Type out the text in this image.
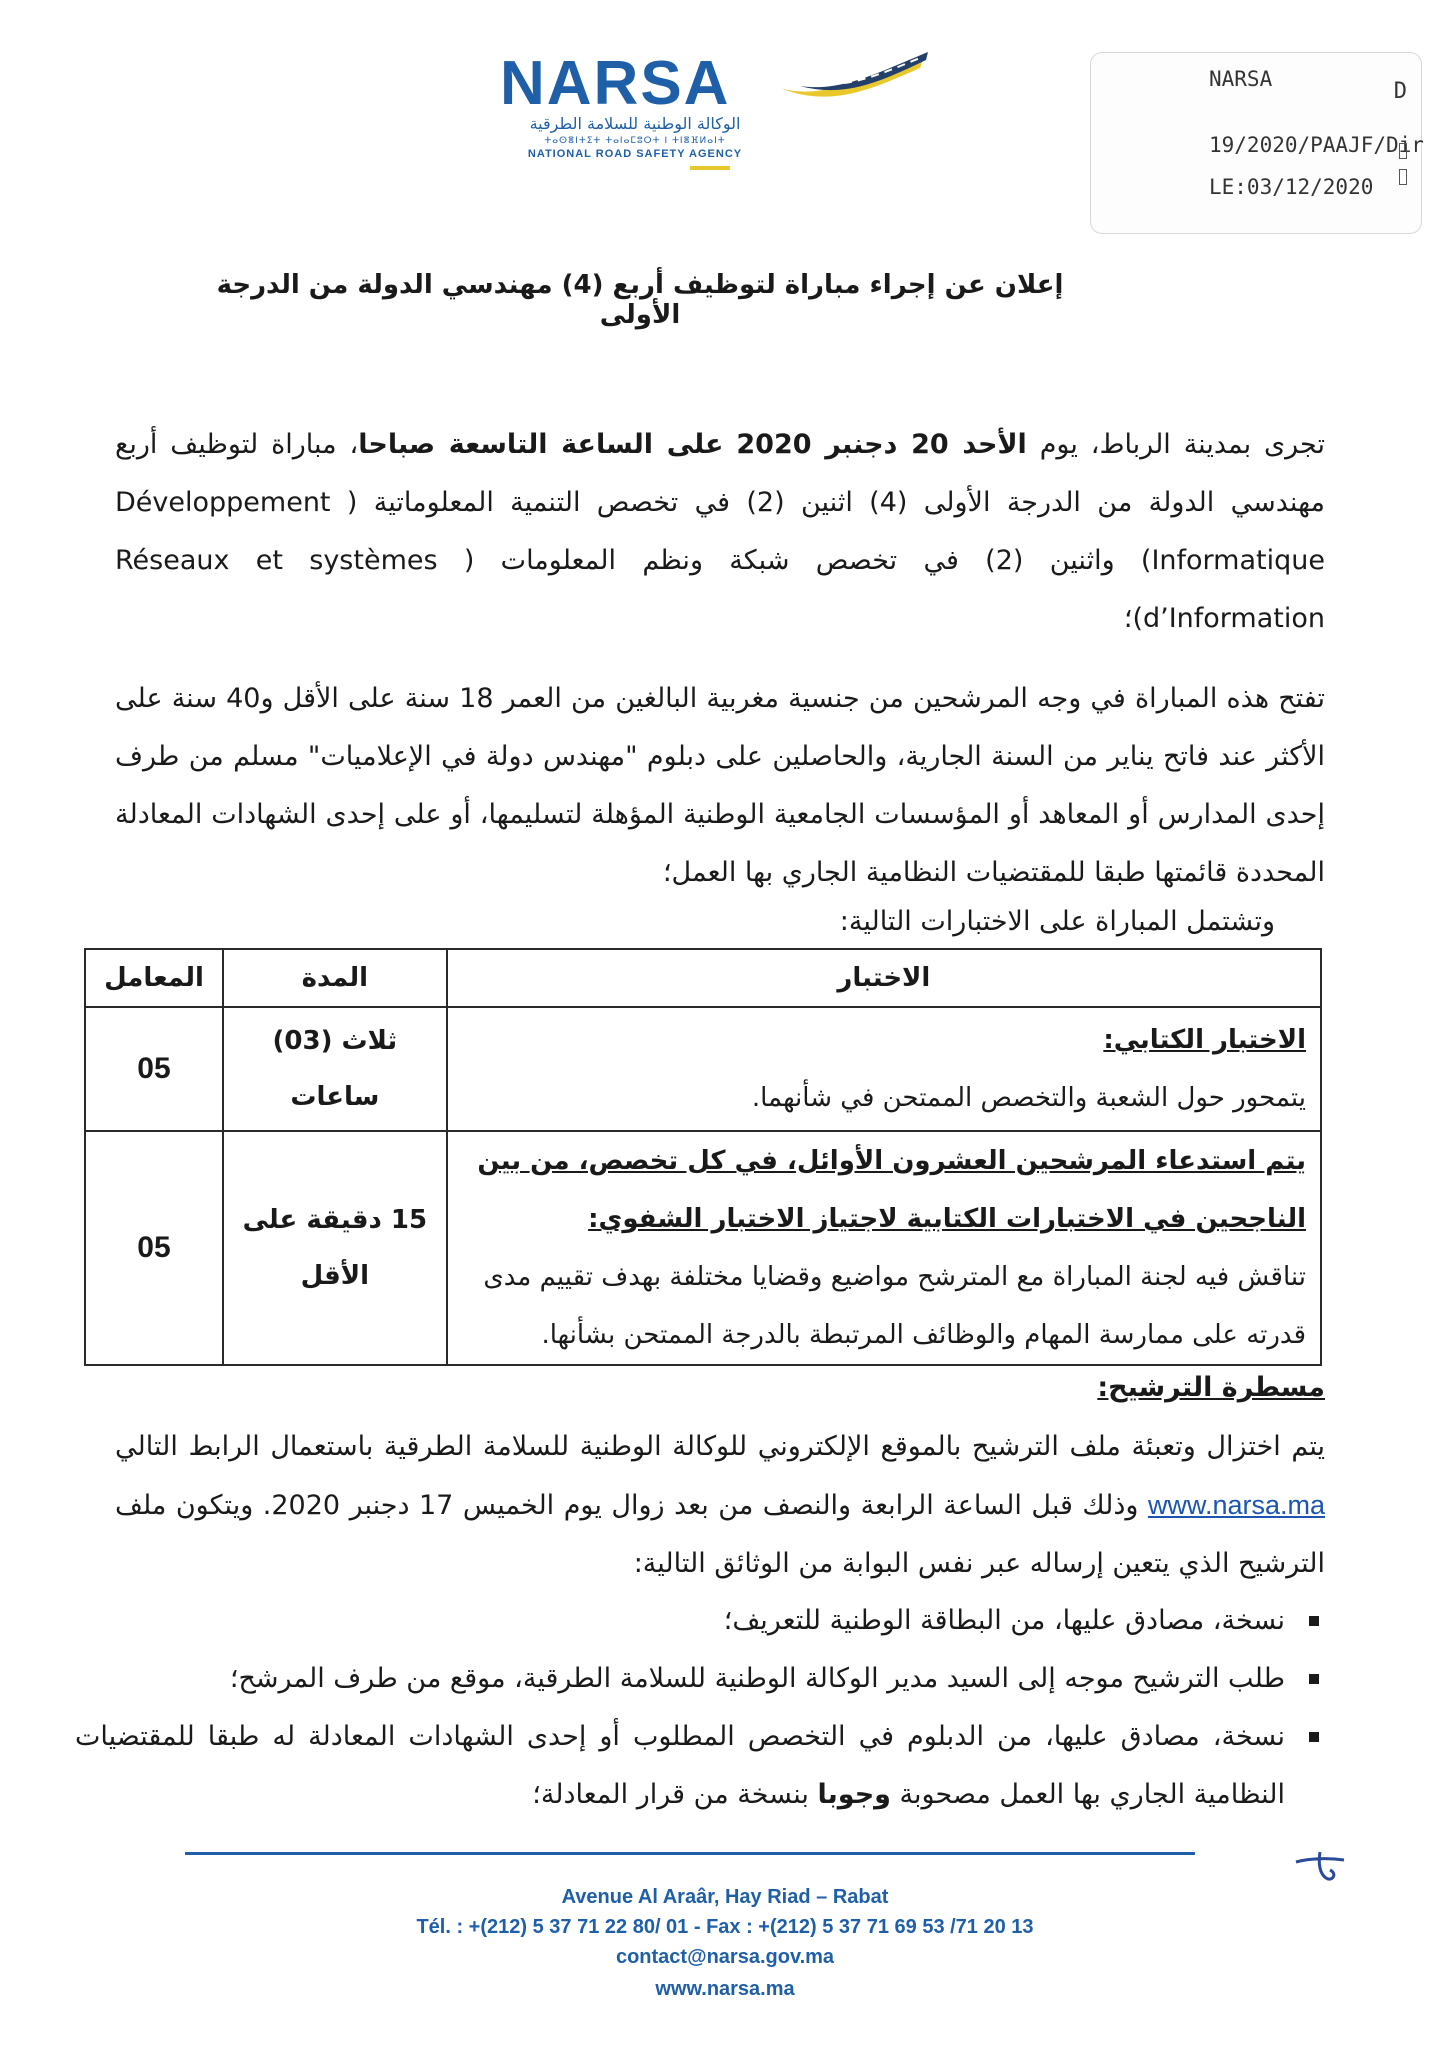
NARSA
الوكالة الوطنية للسلامة الطرقية
ⵜⴰⵙⴻⵏⵜⵉⵜ ⵜⴰⵏⴰⵎⵓⵔⵜ ⵏ ⵜⵏⴻⴼⵍⴰⵏⵜ
NATIONAL ROAD SAFETY AGENCY
NARSA	D
19/2020/PAAJF/Dir
LE:03/12/2020
إعلان عن إجراء مباراة لتوظيف أربع (4) مهندسي الدولة من الدرجة الأولى
تجرى بمدينة الرباط، يوم الأحد 20 دجنبر 2020 على الساعة التاسعة صباحا، مباراة لتوظيف أربع مهندسي الدولة من الدرجة الأولى (4) اثنين (2) في تخصص التنمية المعلوماتية ( Développement Informatique) واثنين (2) في تخصص شبكة ونظم المعلومات ( Réseaux et systèmes d’Information)؛
تفتح هذه المباراة في وجه المرشحين من جنسية مغربية البالغين من العمر 18 سنة على الأقل و40 سنة على الأكثر عند فاتح يناير من السنة الجارية، والحاصلين على دبلوم "مهندس دولة في الإعلاميات" مسلم من طرف إحدى المدارس أو المعاهد أو المؤسسات الجامعية الوطنية المؤهلة لتسليمها، أو على إحدى الشهادات المعادلة المحددة قائمتها طبقا للمقتضيات النظامية الجاري بها العمل؛
وتشتمل المباراة على الاختبارات التالية:
الاختبار	المدة	المعامل

الاختبار الكتابي:
يتمحور حول الشعبة والتخصص الممتحن في شأنهما.	ثلاث (03) ساعات	05

يتم استدعاء المرشحين العشرون الأوائل، في كل تخصص، من بين الناجحين في الاختبارات الكتابية لاجتياز الاختبار الشفوي:
تناقش فيه لجنة المباراة مع المترشح مواضيع وقضايا مختلفة بهدف تقييم مدى قدرته على ممارسة المهام والوظائف المرتبطة بالدرجة الممتحن بشأنها.	15 دقيقة على الأقل	05
مسطرة الترشيح:
يتم اختزال وتعبئة ملف الترشيح بالموقع الإلكتروني للوكالة الوطنية للسلامة الطرقية باستعمال الرابط التالي www.narsa.ma وذلك قبل الساعة الرابعة والنصف من بعد زوال يوم الخميس 17 دجنبر 2020. ويتكون ملف الترشيح الذي يتعين إرساله عبر نفس البوابة من الوثائق التالية:
نسخة، مصادق عليها، من البطاقة الوطنية للتعريف؛
طلب الترشيح موجه إلى السيد مدير الوكالة الوطنية للسلامة الطرقية، موقع من طرف المرشح؛
نسخة، مصادق عليها، من الدبلوم في التخصص المطلوب أو إحدى الشهادات المعادلة له طبقا للمقتضيات النظامية الجاري بها العمل مصحوبة وجوبا بنسخة من قرار المعادلة؛
Avenue Al Araâr, Hay Riad – Rabat
Tél. : +(212) 5 37 71 22 80/ 01 - Fax : +(212) 5 37 71 69 53 /71 20 13
contact@narsa.gov.ma
www.narsa.ma
